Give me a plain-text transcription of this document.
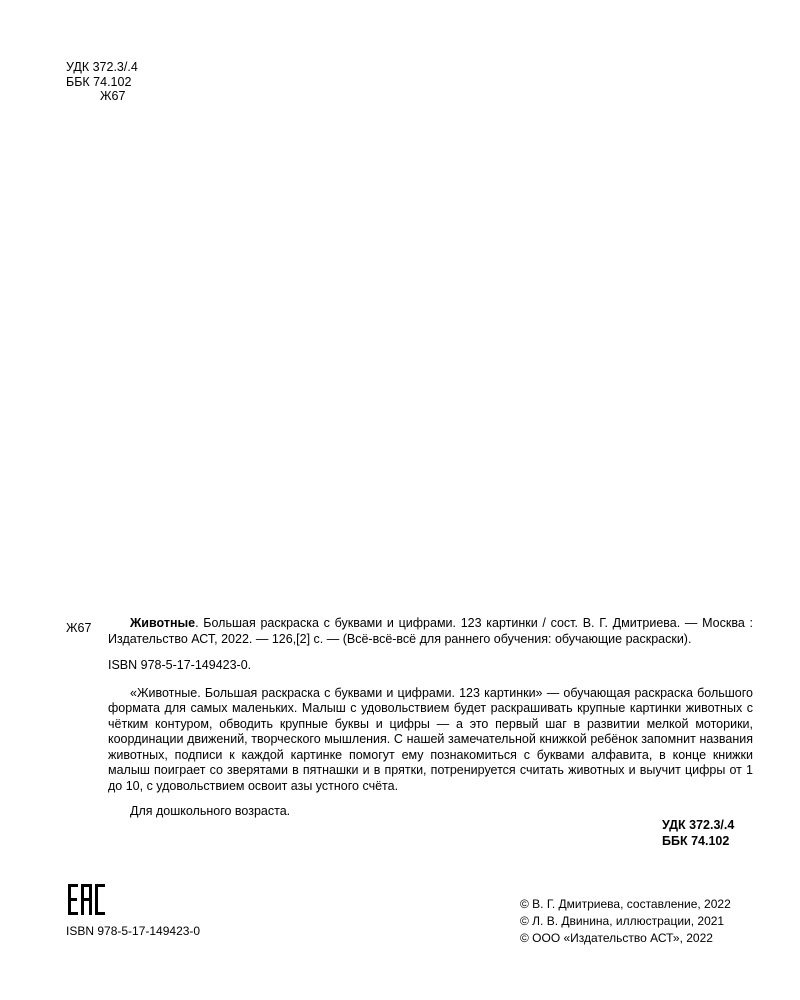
УДК 372.3/.4
ББК 74.102
Ж67
Ж67	Животные. Большая раскраска с буквами и цифрами. 123 картинки / сост. В. Г. Дмитриева. — Москва : Издательство АСТ, 2022. — 126,[2] с. — (Всё-всё-всё для раннего обучения: обучающие раскраски).

ISBN 978-5-17-149423-0.

«Животные. Большая раскраска с буквами и цифрами. 123 картинки» — обучающая раскраска большого формата для самых маленьких. Малыш с удовольствием будет раскрашивать крупные картинки животных с чётким контуром, обводить крупные буквы и цифры — а это первый шаг в развитии мелкой моторики, координации движений, творческого мышления. С нашей замечательной книжкой ребёнок запомнит названия животных, подписи к каждой картинке помогут ему познакомиться с буквами алфавита, в конце книжки малыш поиграет со зверятами в пятнашки и в прятки, потренируется считать животных и выучит цифры от 1 до 10, с удовольствием освоит азы устного счёта.

Для дошкольного возраста.

УДК 372.3/.4
ББК 74.102
ISBN 978-5-17-149423-0
© В. Г. Дмитриева, составление, 2022
© Л. В. Двинина, иллюстрации, 2021
© ООО «Издательство АСТ», 2022
